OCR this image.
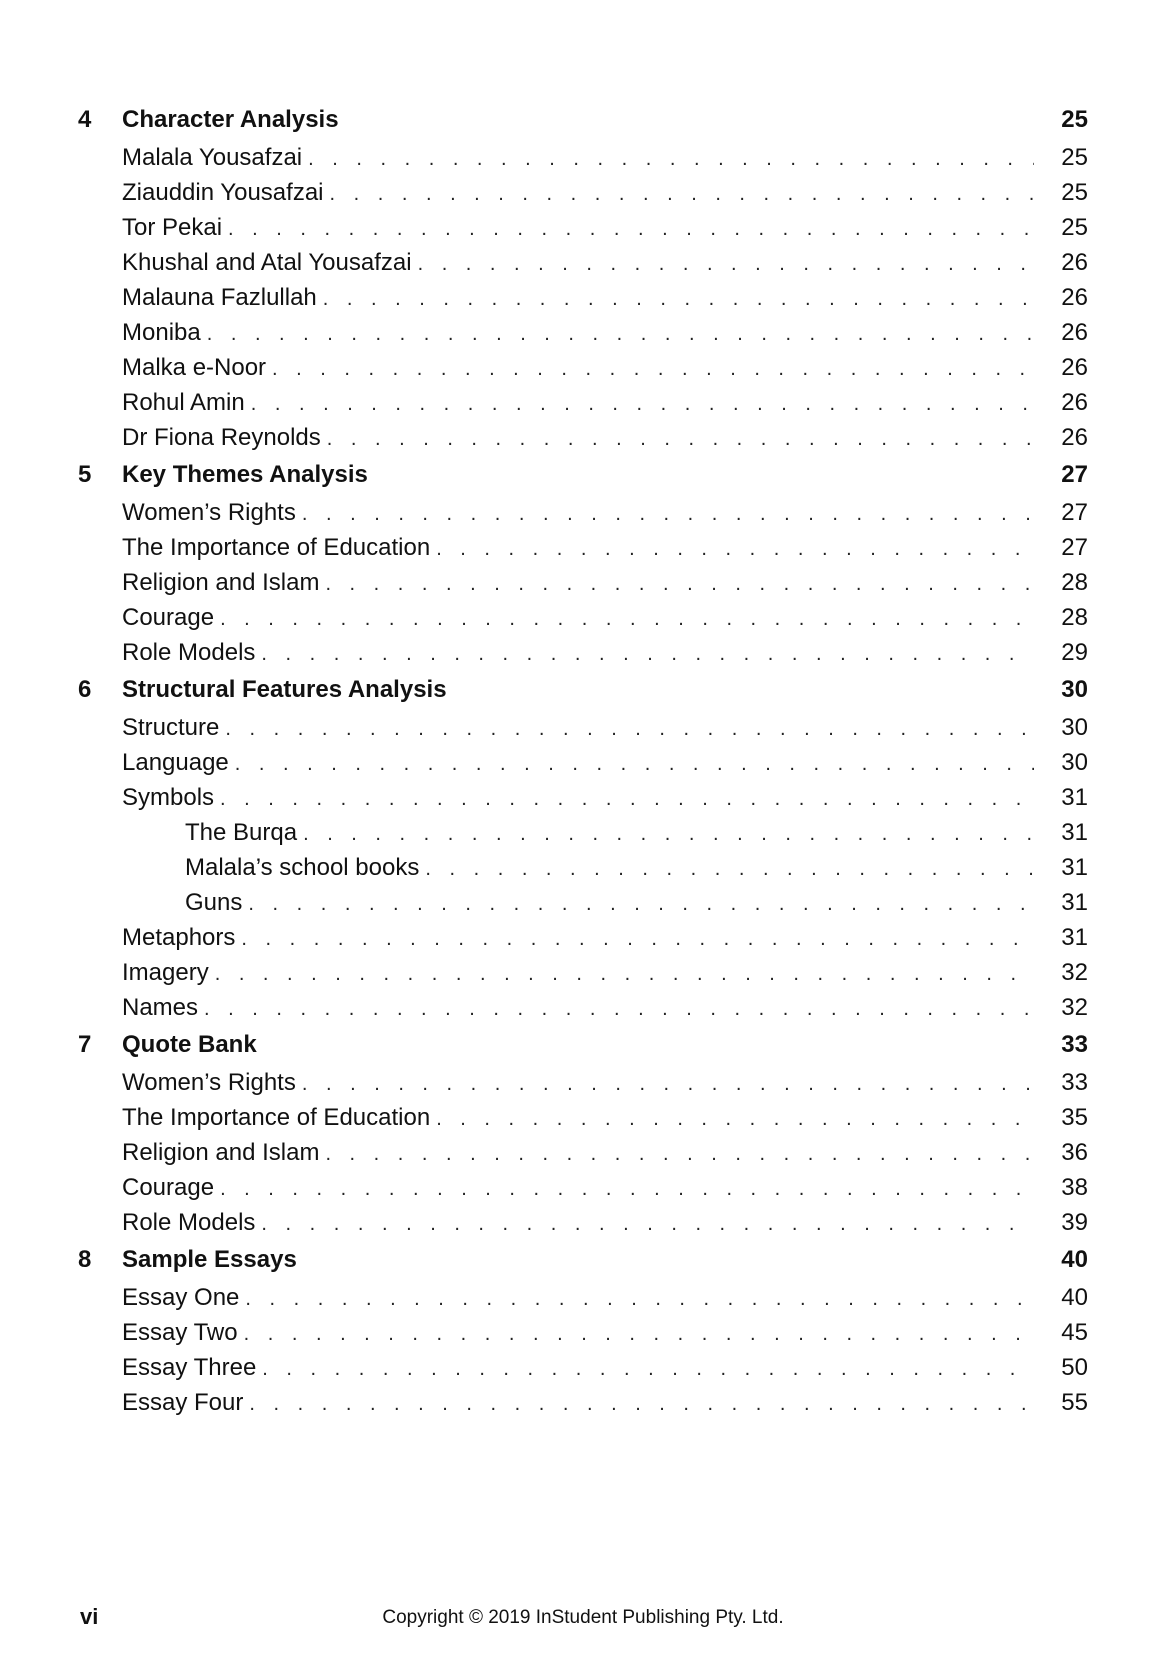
4	Character Analysis	25
Malala Yousafzai . . .	25
Ziauddin Yousafzai . . .	25
Tor Pekai . . .	25
Khushal and Atal Yousafzai . . .	26
Malauna Fazlullah . . .	26
Moniba . . .	26
Malka e-Noor . . .	26
Rohul Amin . . .	26
Dr Fiona Reynolds . . .	26
5	Key Themes Analysis	27
Women’s Rights . . .	27
The Importance of Education . . .	27
Religion and Islam . . .	28
Courage . . .	28
Role Models . . .	29
6	Structural Features Analysis	30
Structure . . .	30
Language . . .	30
Symbols . . .	31
The Burqa . . .	31
Malala’s school books . . .	31
Guns . . .	31
Metaphors . . .	31
Imagery . . .	32
Names . . .	32
7	Quote Bank	33
Women’s Rights . . .	33
The Importance of Education . . .	35
Religion and Islam . . .	36
Courage . . .	38
Role Models . . .	39
8	Sample Essays	40
Essay One . . .	40
Essay Two . . .	45
Essay Three . . .	50
Essay Four . . .	55
vi	Copyright © 2019 InStudent Publishing Pty. Ltd.
